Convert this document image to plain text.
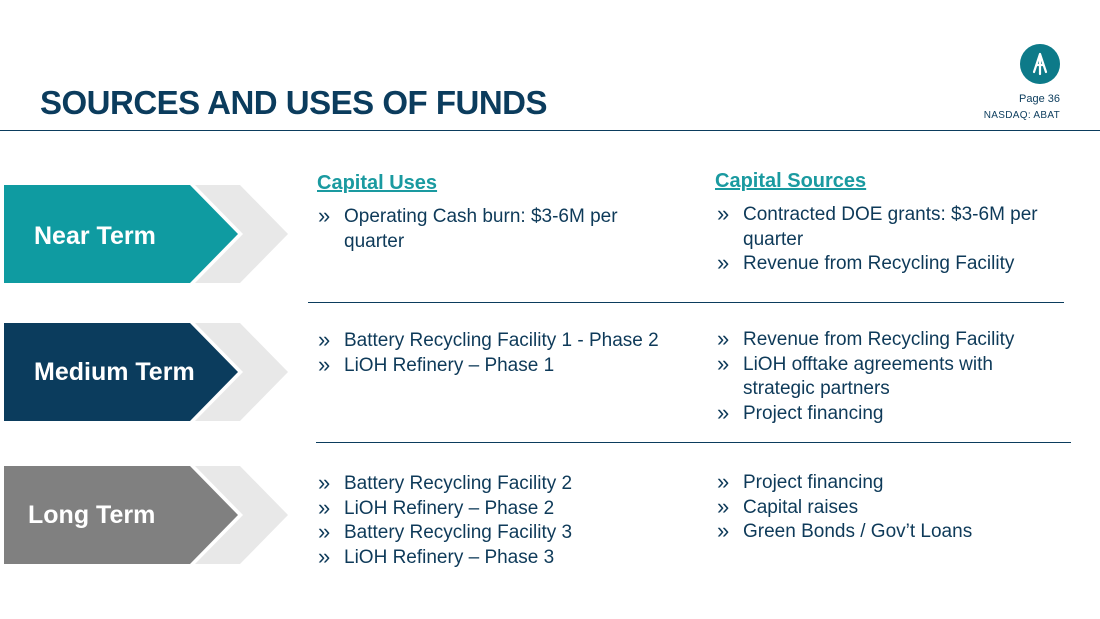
SOURCES AND USES OF FUNDS	Page 36
NASDAQ: ABAT
Capital Uses	Capital Sources
Near Term
» Operating Cash burn: $3-6M per quarter
» Contracted DOE grants: $3-6M per quarter
» Revenue from Recycling Facility
Medium Term
» Battery Recycling Facility 1 - Phase 2
» LiOH Refinery – Phase 1
» Revenue from Recycling Facility
» LiOH offtake agreements with strategic partners
» Project financing
Long Term
» Battery Recycling Facility 2
» LiOH Refinery – Phase 2
» Battery Recycling Facility 3
» LiOH Refinery – Phase 3
» Project financing
» Capital raises
» Green Bonds / Gov’t Loans
